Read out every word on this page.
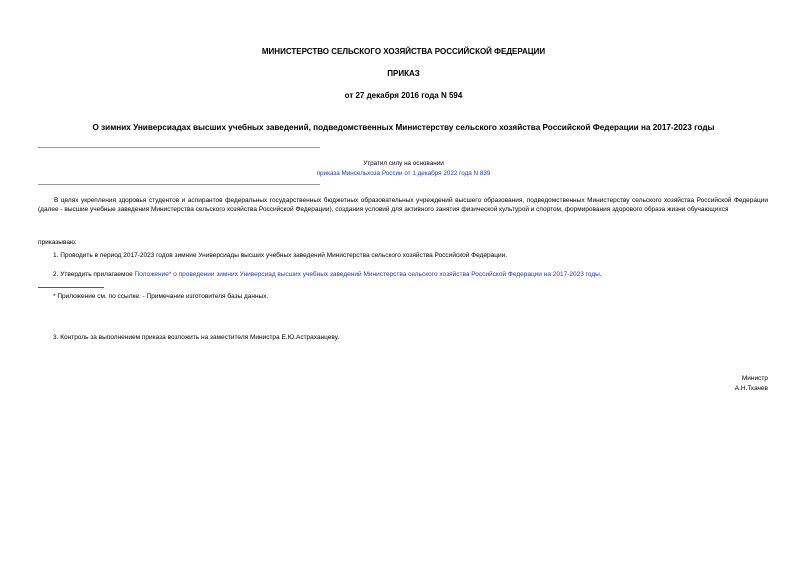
МИНИСТЕРСТВО СЕЛЬСКОГО ХОЗЯЙСТВА РОССИЙСКОЙ ФЕДЕРАЦИИ
ПРИКАЗ
от 27 декабря 2016 года N 594
О зимних Универсиадах высших учебных заведений, подведомственных Министерству сельского хозяйства Российской Федерации на 2017-2023 годы
Утратил силу на основании
приказа Минсельхоза России от 1 декабря 2022 года N 839
В целях укрепления здоровья студентов и аспирантов федеральных государственных бюджетных образовательных учреждений высшего образования, подведомственных Министерству сельского хозяйства Российской Федерации (далее - высшие учебные заведения Министерства сельского хозяйства Российской Федерации), создания условий для активного занятия физической культурой и спортом, формирования здорового образа жизни обучающихся
приказываю:
1. Проводить в период 2017-2023 годов зимние Универсиады высших учебных заведений Министерства сельского хозяйства Российской Федерации.
2. Утвердить прилагаемое Положение* о проведении зимних Универсиад высших учебных заведений Министерства сельского хозяйства Российской Федерации на 2017-2023 годы.
* Приложение см. по ссылке. - Примечание изготовителя базы данных.
3. Контроль за выполнением приказа возложить на заместителя Министра Е.Ю.Астраханцеву.
Министр
А.Н.Ткачев
